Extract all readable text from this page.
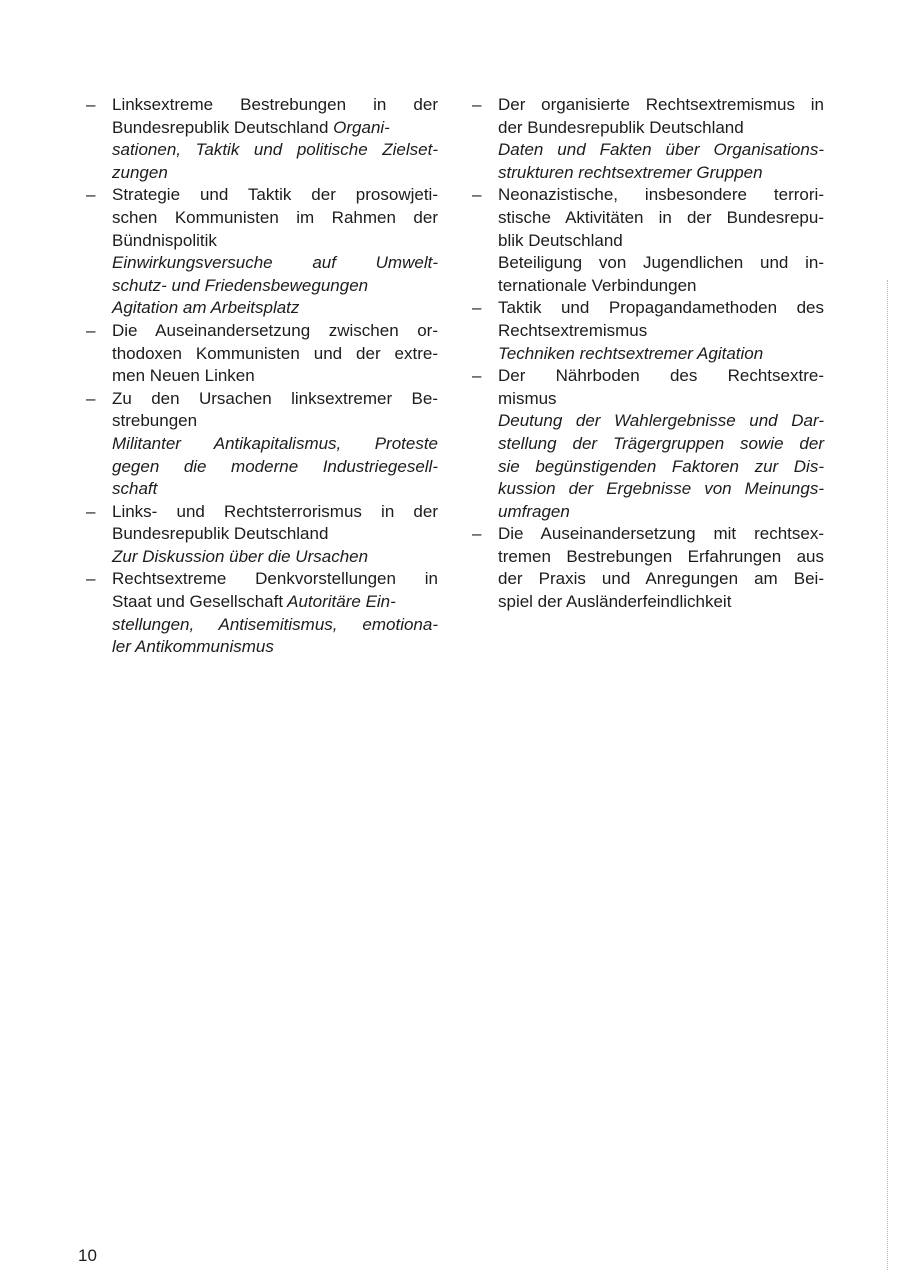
– Linksextreme Bestrebungen in der
Bundesrepublik Deutschland Organi-
sationen, Taktik und politische Zielset-
zungen
– Strategie und Taktik der prosowjeti-
schen Kommunisten im Rahmen der
Bündnispolitik
Einwirkungsversuche auf Umwelt-
schutz- und Friedensbewegungen
Agitation am Arbeitsplatz
– Die Auseinandersetzung zwischen or-
thodoxen Kommunisten und der extre-
men Neuen Linken
– Zu den Ursachen linksextremer Be-
strebungen
Militanter Antikapitalismus, Proteste
gegen die moderne Industriegesell-
schaft
– Links- und Rechtsterrorismus in der
Bundesrepublik Deutschland
Zur Diskussion über die Ursachen
– Rechtsextreme Denkvorstellungen in
Staat und Gesellschaft Autoritäre Ein-
stellungen, Antisemitismus, emotiona-
ler Antikommunismus
– Der organisierte Rechtsextremismus in
der Bundesrepublik Deutschland
Daten und Fakten über Organisations-
strukturen rechtsextremer Gruppen
– Neonazistische, insbesondere terrori-
stische Aktivitäten in der Bundesrepu-
blik Deutschland
Beteiligung von Jugendlichen und in-
ternationale Verbindungen
– Taktik und Propagandamethoden des
Rechtsextremismus
Techniken rechtsextremer Agitation
– Der Nährboden des Rechtsextre-
mismus
Deutung der Wahlergebnisse und Dar-
stellung der Trägergruppen sowie der
sie begünstigenden Faktoren zur Dis-
kussion der Ergebnisse von Meinungs-
umfragen
– Die Auseinandersetzung mit rechtsex-
tremen Bestrebungen Erfahrungen aus
der Praxis und Anregungen am Bei-
spiel der Ausländerfeindlichkeit
10
